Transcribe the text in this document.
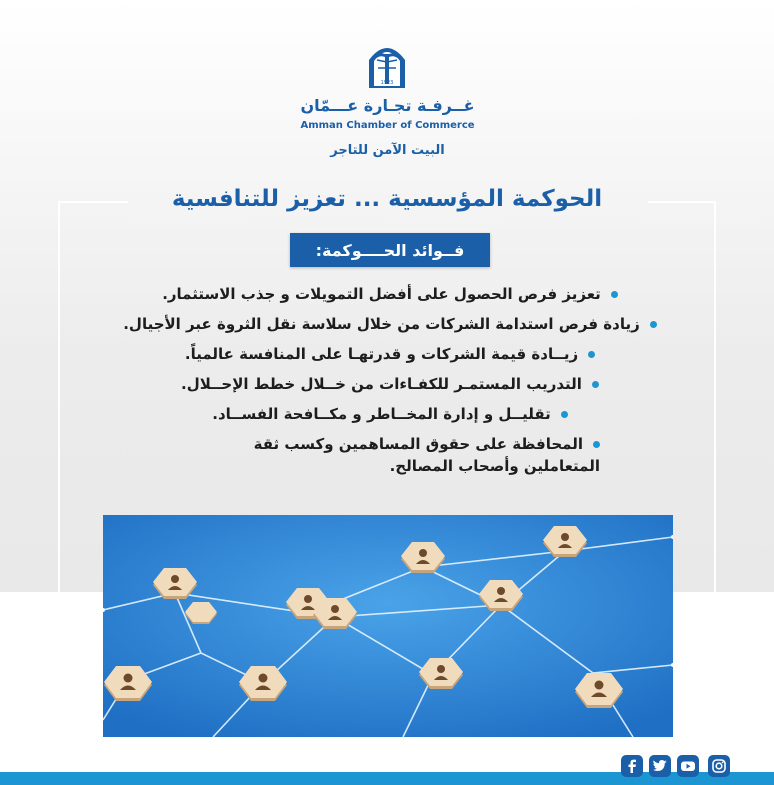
1923
غــرفـة تجـارة عـــمّان
Amman Chamber of Commerce
البيت الآمن للتاجر
الحوكمة المؤسسية ... تعزيز للتنافسية
فــوائد الحــــوكمة:
تعزيز فرص الحصول على أفضل التمويلات و جذب الاستثمار.
زيادة فرص استدامة الشركات من خلال سلاسة نقل الثروة عبر الأجيال.
زيــادة قيمة الشركات و قدرتهـا على المنافسة عالمياً.
التدريب المستمـر للكفـاءات من خــلال خطط الإحــلال.
تقليــل و إدارة المخــاطر و مكــافحة الفســاد.
المحافظة على حقوق المساهمين وكسب ثقة المتعاملين وأصحاب المصالح.
